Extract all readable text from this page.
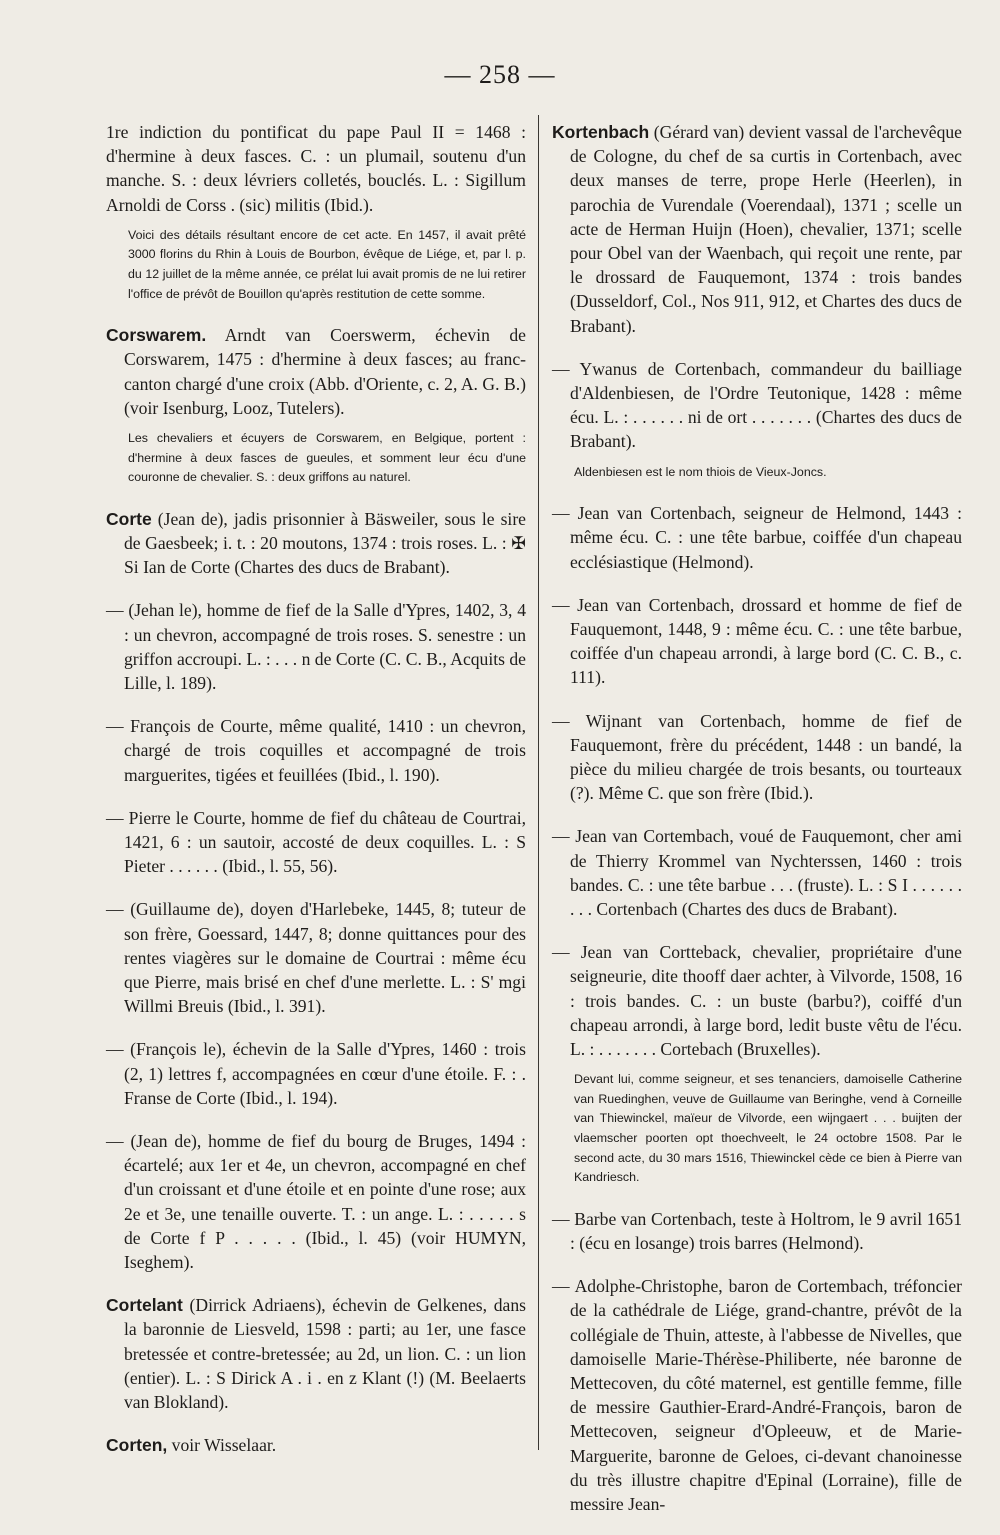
— 258 —

1re indiction du pontificat du pape Paul II = 1468 : d'hermine à deux fasces. C. : un plumail, soutenu d'un manche. S. : deux lévriers colletés, bouclés. L. : Sigillum Arnoldi de Corss . (sic) militis (Ibid.).

Voici des détails résultant encore de cet acte. En 1457, il avait prêté 3000 florins du Rhin à Louis de Bourbon, évêque de Liége, et, par l. p. du 12 juillet de la même année, ce prélat lui avait promis de ne lui retirer l'office de prévôt de Bouillon qu'après restitution de cette somme.

Corswarem. Arndt van Coerswerm, échevin de Corswarem, 1475 : d'hermine à deux fasces; au franc-canton chargé d'une croix (Abb. d'Oriente, c. 2, A. G. B.) (voir Isenburg, Looz, Tutelers).

Les chevaliers et écuyers de Corswarem, en Belgique, portent : d'hermine à deux fasces de gueules, et somment leur écu d'une couronne de chevalier. S. : deux griffons au naturel.

Corte (Jean de), jadis prisonnier à Bäsweiler, sous le sire de Gaesbeek; i. t. : 20 moutons, 1374 : trois roses. L. : ✠ Si Ian de Corte (Chartes des ducs de Brabant).

— (Jehan le), homme de fief de la Salle d'Ypres, 1402, 3, 4 : un chevron, accompagné de trois roses. S. senestre : un griffon accroupi. L. : . . . n de Corte (C. C. B., Acquits de Lille, l. 189).

— François de Courte, même qualité, 1410 : un chevron, chargé de trois coquilles et accompagné de trois marguerites, tigées et feuillées (Ibid., l. 190).

— Pierre le Courte, homme de fief du château de Courtrai, 1421, 6 : un sautoir, accosté de deux coquilles. L. : S Pieter . . . . . . (Ibid., l. 55, 56).

— (Guillaume de), doyen d'Harlebeke, 1445, 8; tuteur de son frère, Goessard, 1447, 8; donne quittances pour des rentes viagères sur le domaine de Courtrai : même écu que Pierre, mais brisé en chef d'une merlette. L. : S' mgi Willmi Breuis (Ibid., l. 391).

— (François le), échevin de la Salle d'Ypres, 1460 : trois (2, 1) lettres f, accompagnées en cœur d'une étoile. F. : . Franse de Corte (Ibid., l. 194).

— (Jean de), homme de fief du bourg de Bruges, 1494 : écartelé; aux 1er et 4e, un chevron, accompagné en chef d'un croissant et d'une étoile et en pointe d'une rose; aux 2e et 3e, une tenaille ouverte. T. : un ange. L. : . . . . . s de Corte f P . . . . . (Ibid., l. 45) (voir HUMYN, Iseghem).

Cortelant (Dirrick Adriaens), échevin de Gelkenes, dans la baronnie de Liesveld, 1598 : parti; au 1er, une fasce bretessée et contre-bretessée; au 2d, un lion. C. : un lion (entier). L. : S Dirick A . i . en z Klant (!) (M. Beelaerts van Blokland).

Corten, voir Wisselaar.

Kortenbach (Gérard van) devient vassal de l'archevêque de Cologne, du chef de sa curtis in Cortenbach, avec deux manses de terre, prope Herle (Heerlen), in parochia de Vurendale (Voerendaal), 1371 ; scelle un acte de Herman Huijn (Hoen), chevalier, 1371; scelle pour Obel van der Waenbach, qui reçoit une rente, par le drossard de Fauquemont, 1374 : trois bandes (Dusseldorf, Col., Nos 911, 912, et Chartes des ducs de Brabant).

— Ywanus de Cortenbach, commandeur du bailliage d'Aldenbiesen, de l'Ordre Teutonique, 1428 : même écu. L. : . . . . . . ni de ort . . . . . . . (Chartes des ducs de Brabant).

Aldenbiesen est le nom thiois de Vieux-Joncs.

— Jean van Cortenbach, seigneur de Helmond, 1443 : même écu. C. : une tête barbue, coiffée d'un chapeau ecclésiastique (Helmond).

— Jean van Cortenbach, drossard et homme de fief de Fauquemont, 1448, 9 : même écu. C. : une tête barbue, coiffée d'un chapeau arrondi, à large bord (C. C. B., c. 111).

— Wijnant van Cortenbach, homme de fief de Fauquemont, frère du précédent, 1448 : un bandé, la pièce du milieu chargée de trois besants, ou tourteaux (?). Même C. que son frère (Ibid.).

— Jean van Cortembach, voué de Fauquemont, cher ami de Thierry Krommel van Nychterssen, 1460 : trois bandes. C. : une tête barbue . . . (fruste). L. : S I . . . . . . . . . Cortenbach (Chartes des ducs de Brabant).

— Jean van Cortteback, chevalier, propriétaire d'une seigneurie, dite thooff daer achter, à Vilvorde, 1508, 16 : trois bandes. C. : un buste (barbu?), coiffé d'un chapeau arrondi, à large bord, ledit buste vêtu de l'écu. L. : . . . . . . . Cortebach (Bruxelles).

Devant lui, comme seigneur, et ses tenanciers, damoiselle Catherine van Ruedinghen, veuve de Guillaume van Beringhe, vend à Corneille van Thiewinckel, maïeur de Vilvorde, een wijngaert . . . buijten der vlaemscher poorten opt thoechveelt, le 24 octobre 1508. Par le second acte, du 30 mars 1516, Thiewinckel cède ce bien à Pierre van Kandriesch.

— Barbe van Cortenbach, teste à Holtrom, le 9 avril 1651 : (écu en losange) trois barres (Helmond).

— Adolphe-Christophe, baron de Cortembach, tréfoncier de la cathédrale de Liége, grand-chantre, prévôt de la collégiale de Thuin, atteste, à l'abbesse de Nivelles, que damoiselle Marie-Thérèse-Philiberte, née baronne de Mettecoven, du côté maternel, est gentille femme, fille de messire Gauthier-Erard-André-François, baron de Mettecoven, seigneur d'Opleeuw, et de Marie-Marguerite, baronne de Geloes, ci-devant chanoinesse du très illustre chapitre d'Epinal (Lorraine), fille de messire Jean-
